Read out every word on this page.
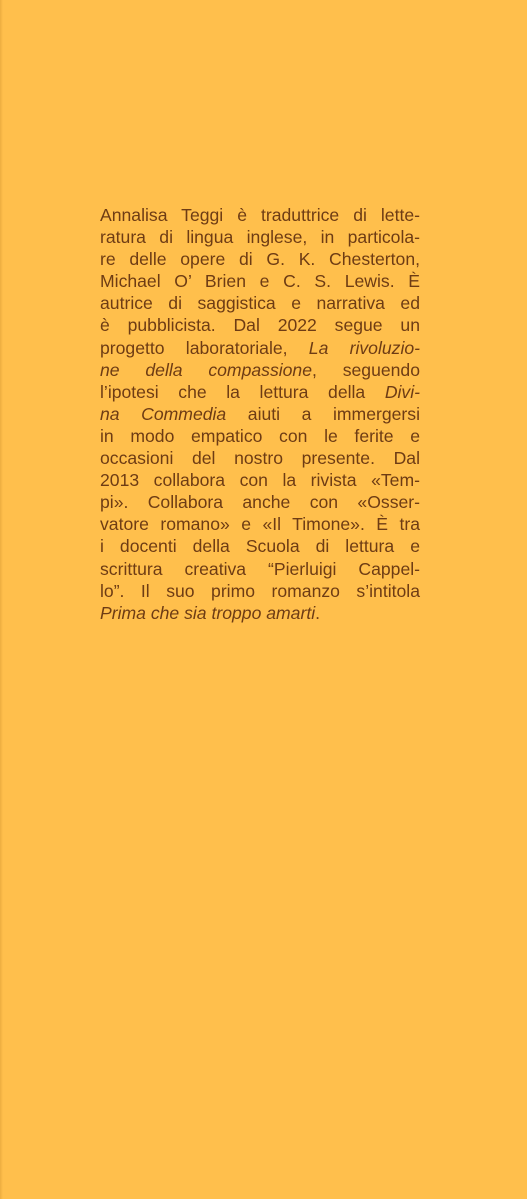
Annalisa Teggi è traduttrice di lette-
ratura di lingua inglese, in particola-
re delle opere di G. K. Chesterton,
Michael O’ Brien e C. S. Lewis. È
autrice di saggistica e narrativa ed
è pubblicista. Dal 2022 segue un
progetto laboratoriale, La rivoluzio-
ne della compassione, seguendo
l’ipotesi che la lettura della Divi-
na Commedia aiuti a immergersi
in modo empatico con le ferite e
occasioni del nostro presente. Dal
2013 collabora con la rivista «Tem-
pi». Collabora anche con «Osser-
vatore romano» e «Il Timone». È tra
i docenti della Scuola di lettura e
scrittura creativa “Pierluigi Cappel-
lo”. Il suo primo romanzo s’intitola
Prima che sia troppo amarti.
